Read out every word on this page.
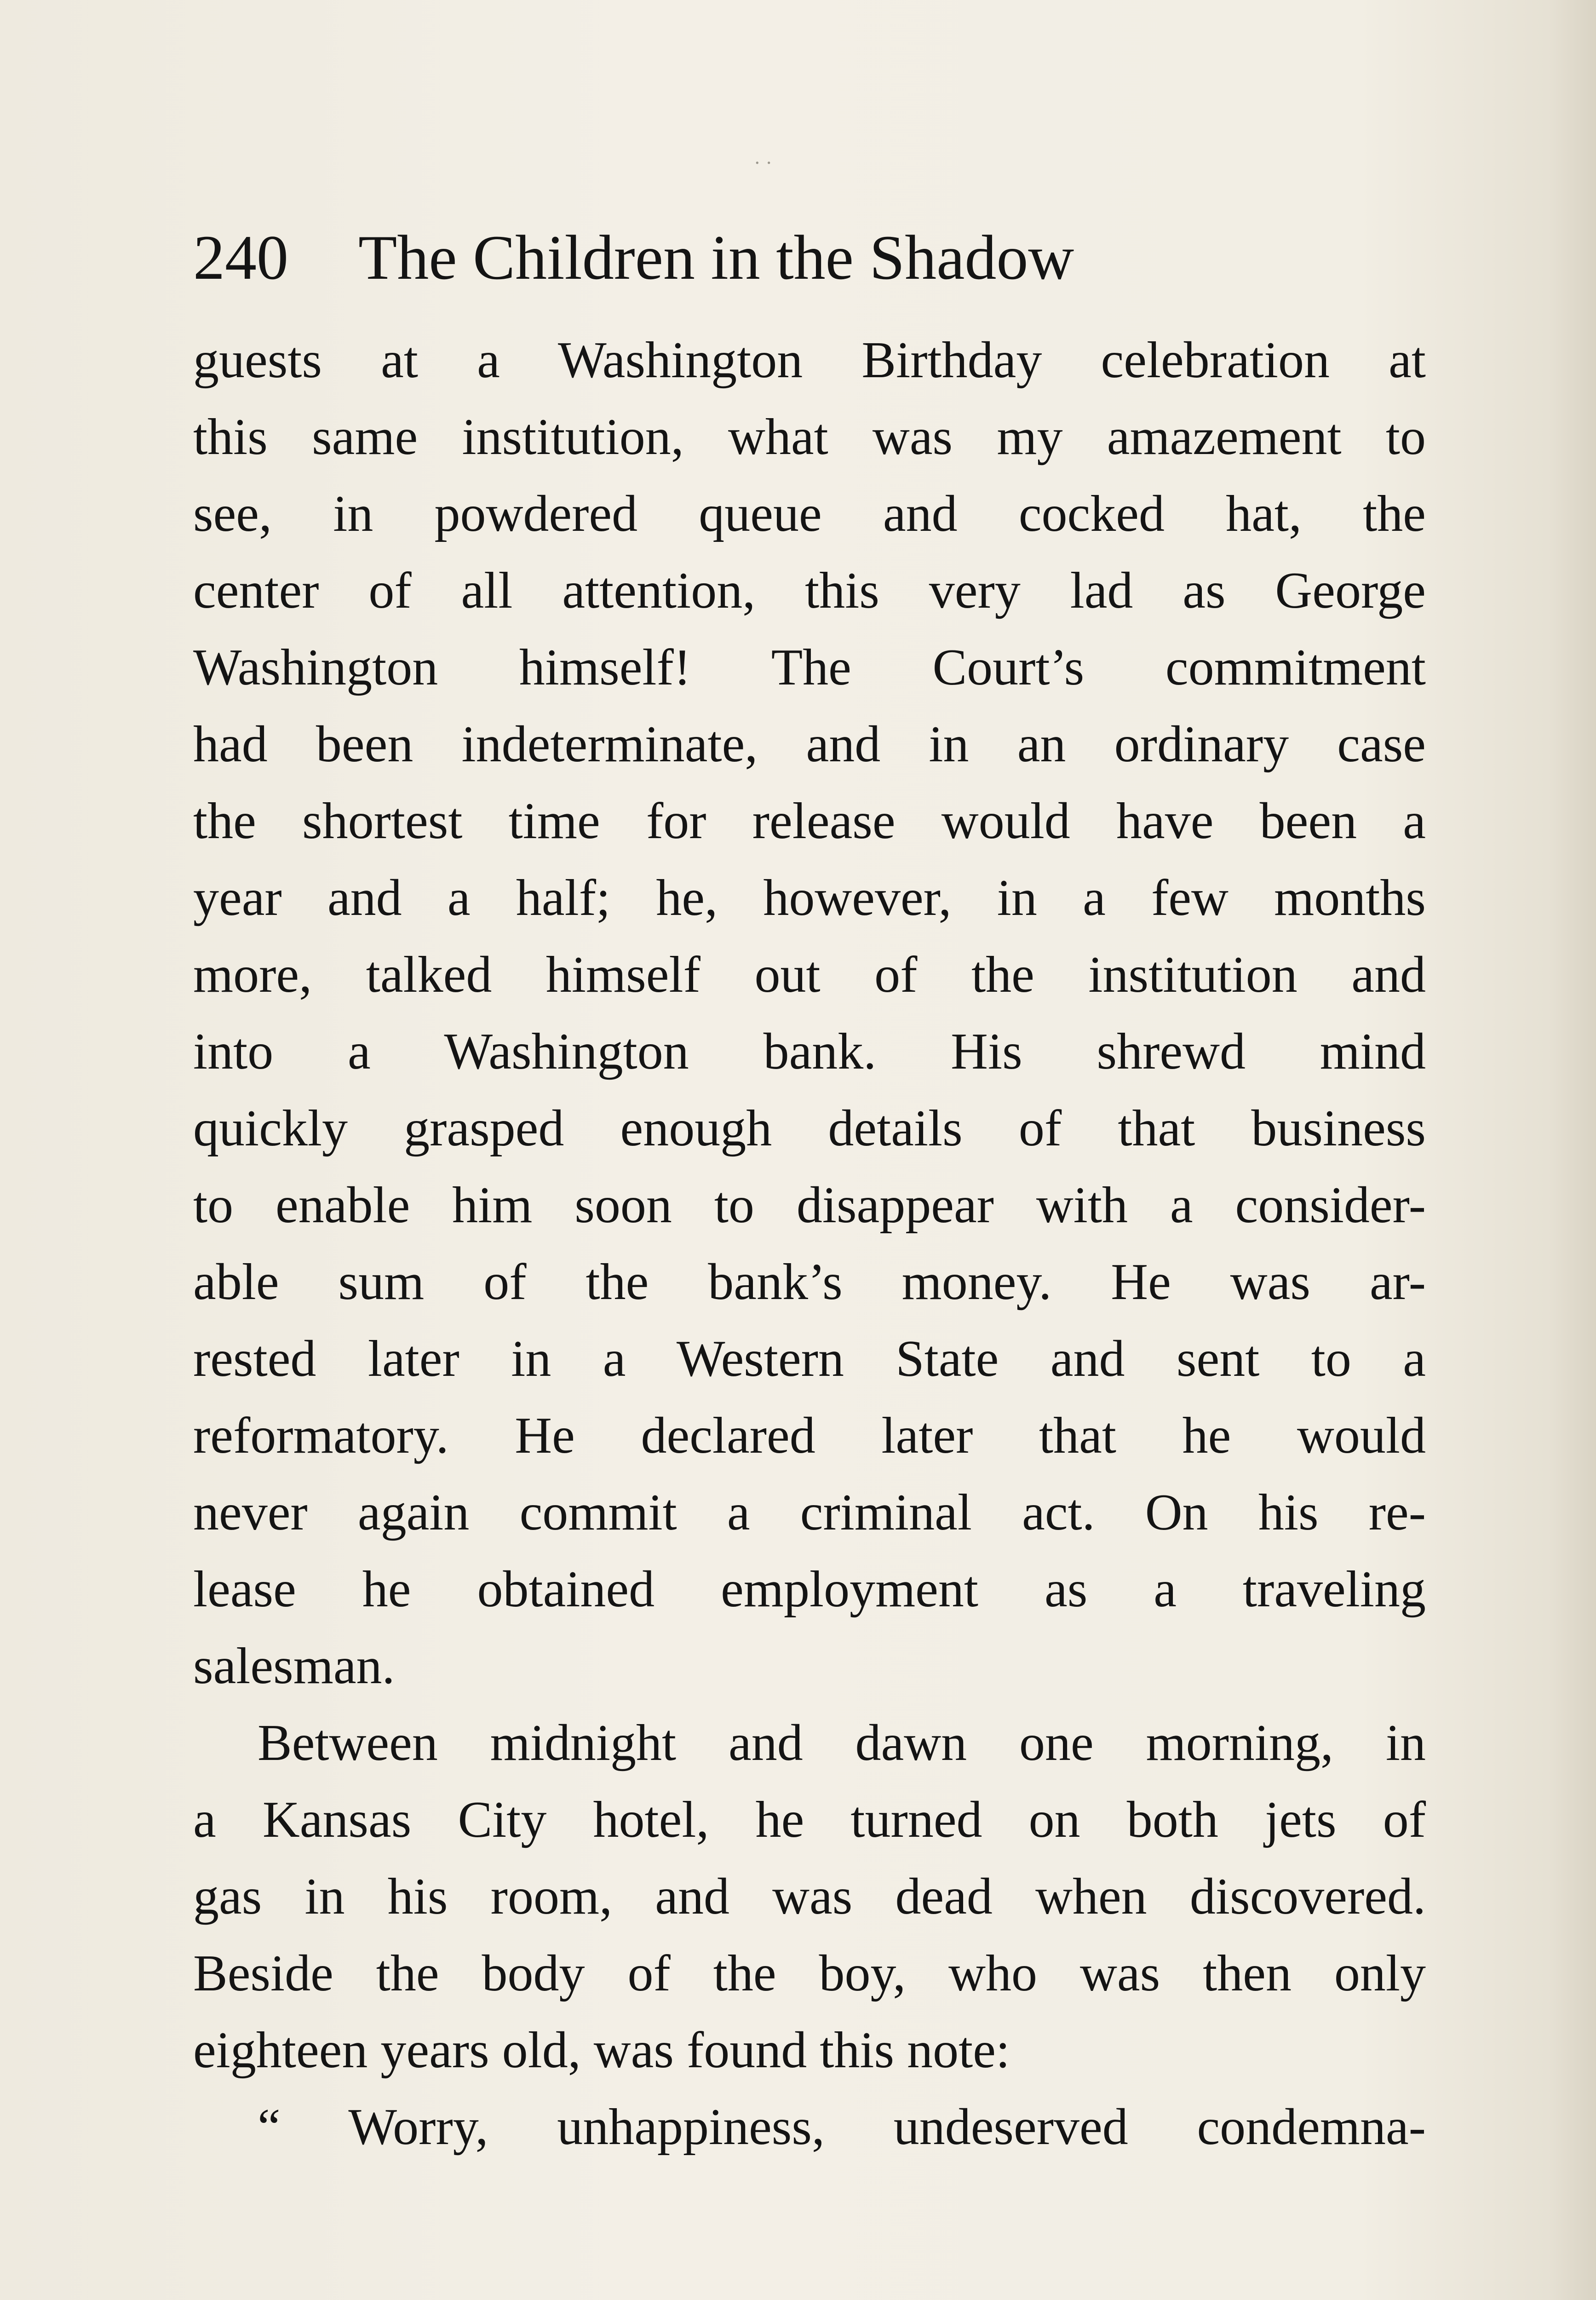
· ·
240 The Children in the Shadow
guests at a Washington Birthday celebration at
this same institution, what was my amazement to
see, in powdered queue and cocked hat, the
center of all attention, this very lad as George
Washington himself! The Court’s commitment
had been indeterminate, and in an ordinary case
the shortest time for release would have been a
year and a half; he, however, in a few months
more, talked himself out of the institution and
into a Washington bank. His shrewd mind
quickly grasped enough details of that business
to enable him soon to disappear with a consider-
able sum of the bank’s money. He was ar-
rested later in a Western State and sent to a
reformatory. He declared later that he would
never again commit a criminal act. On his re-
lease he obtained employment as a traveling
salesman.
Between midnight and dawn one morning, in
a Kansas City hotel, he turned on both jets of
gas in his room, and was dead when discovered.
Beside the body of the boy, who was then only
eighteen years old, was found this note:
“ Worry, unhappiness, undeserved condemna-
